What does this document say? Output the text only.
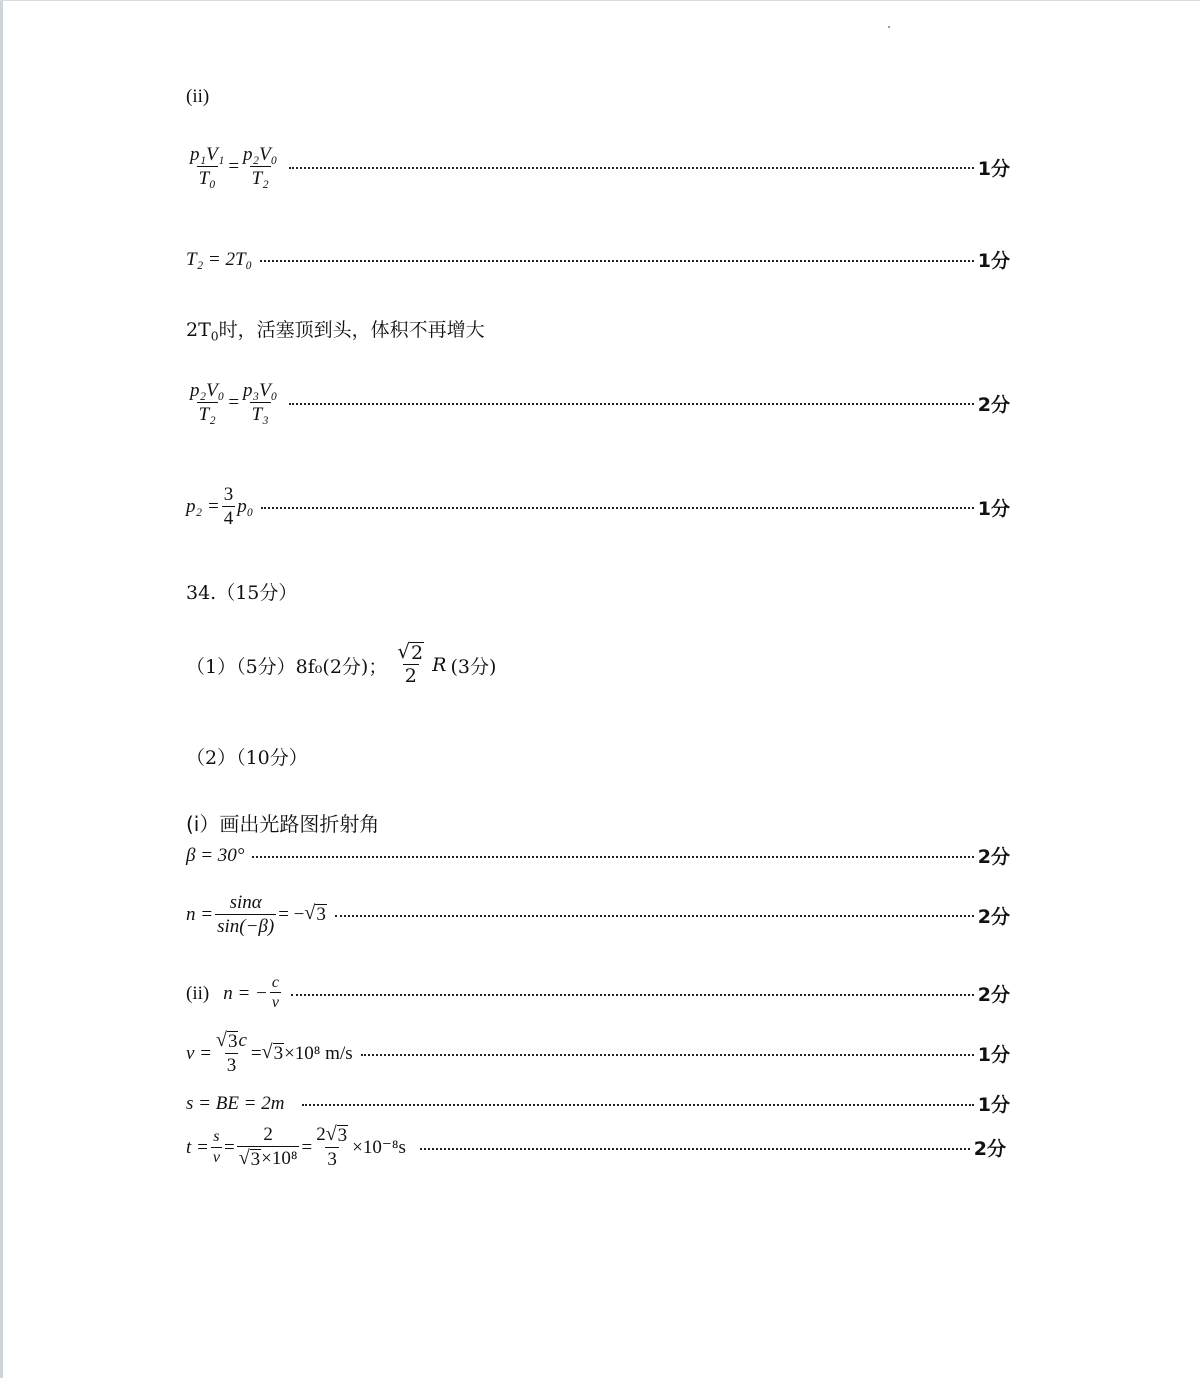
(ii)
$\frac{\text{p₁V₁}}{\text{T₀}} = \frac{\text{p₂V₀}}{\text{T₂}}$	1分
T₂ = 2T₀	1分
$2T_0$时，活塞顶到头，体积不再增大
$\frac{\text{p₂V₀}}{\text{T₂}} = \frac{\text{p₃V₀}}{\text{T₃}}$	2分
$p_2 = \frac{3}{4} p_0$	1分
34.（15分）
（1）（5分）8f₀(2分)； $\frac{√ 2}{2}$ R (3分)
（2）（10分）
(i）画出光路图折射角
β = 30°	2分
$n = \frac{\sin\alpha}{\sin(-\beta)}$ = − √ 3	2分
(ii) n = − $\frac{c}{v}$	2分
$v = \frac{√ 3 c}{3}$ = √ 3 ×10⁸ m/s	1分
s = BE = 2m	1分
$t = \frac{s}{v} = \frac{2}{\text{√ 3 ×10⁸}} = \frac{2 √ 3}{3} \times 10^{-8}s$	2分
